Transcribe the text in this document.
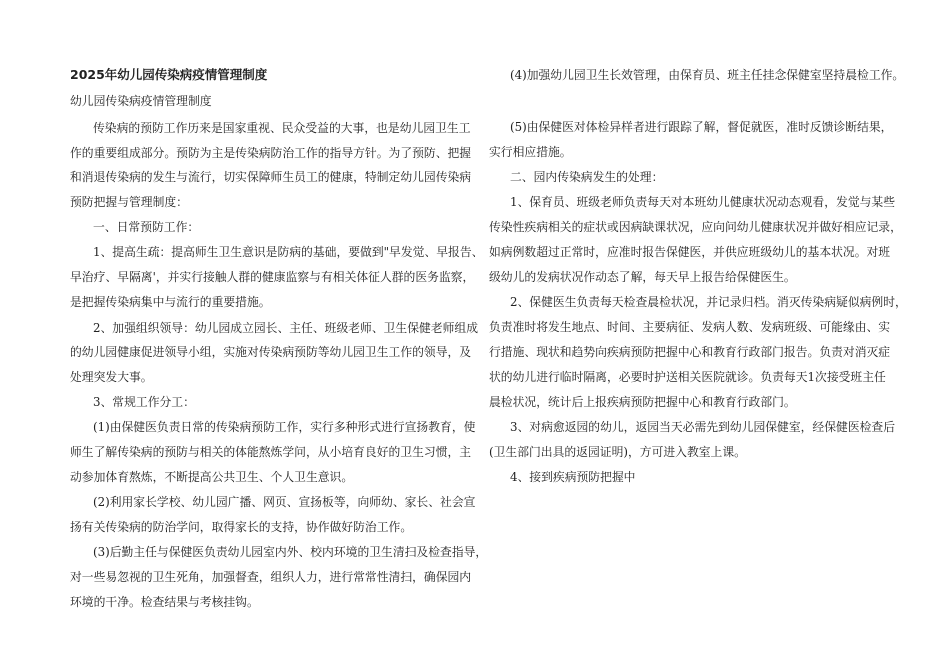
2025年幼儿园传染病疫情管理制度
幼儿园传染病疫情管理制度
传染病的预防工作历来是国家重视、民众受益的大事，也是幼儿园卫生工
作的重要组成部分。预防为主是传染病防治工作的指导方针。为了预防、把握
和消退传染病的发生与流行，切实保障师生员工的健康，特制定幼儿园传染病
预防把握与管理制度：
一、日常预防工作：
1、提高生疏：提高师生卫生意识是防病的基础，要做到"早发觉、早报告、
早治疗、早隔离'，并实行接触人群的健康监察与有相关体征人群的医务监察，
是把握传染病集中与流行的重要措施。
2、加强组织领导：幼儿园成立园长、主任、班级老师、卫生保健老师组成
的幼儿园健康促进领导小组，实施对传染病预防等幼儿园卫生工作的领导，及
处理突发大事。
3、常规工作分工：
(1)由保健医负责日常的传染病预防工作，实行多种形式进行宣扬教育，使
师生了解传染病的预防与相关的体能熬炼学问，从小培育良好的卫生习惯，主
动参加体育熬炼，不断提高公共卫生、个人卫生意识。
(2)利用家长学校、幼儿园广播、网页、宣扬板等，向师幼、家长、社会宣
扬有关传染病的防治学问，取得家长的支持，协作做好防治工作。
(3)后勤主任与保健医负责幼儿园室内外、校内环境的卫生清扫及检查指导，
对一些易忽视的卫生死角，加强督查，组织人力，进行常常性清扫，确保园内
环境的干净。检查结果与考核挂钩。
(4)加强幼儿园卫生长效管理，由保育员、班主任挂念保健室坚持晨检工作。
(5)由保健医对体检异样者进行跟踪了解，督促就医，准时反馈诊断结果，
实行相应措施。
二、园内传染病发生的处理：
1、保育员、班级老师负责每天对本班幼儿健康状况动态观看，发觉与某些
传染性疾病相关的症状或因病缺课状况，应向问幼儿健康状况并做好相应记录，
如病例数超过正常时，应准时报告保健医，并供应班级幼儿的基本状况。对班
级幼儿的发病状况作动态了解，每天早上报告给保健医生。
2、保健医生负责每天检查晨检状况，并记录归档。消灭传染病疑似病例时，
负责准时将发生地点、时间、主要病征、发病人数、发病班级、可能缘由、实
行措施、现状和趋势向疾病预防把握中心和教育行政部门报告。负责对消灭症
状的幼儿进行临时隔离，必要时护送相关医院就诊。负责每天1次接受班主任
晨检状况，统计后上报疾病预防把握中心和教育行政部门。
3、对病愈返园的幼儿，返园当天必需先到幼儿园保健室，经保健医检查后
(卫生部门出具的返园证明)，方可进入教室上课。
4、接到疾病预防把握中
